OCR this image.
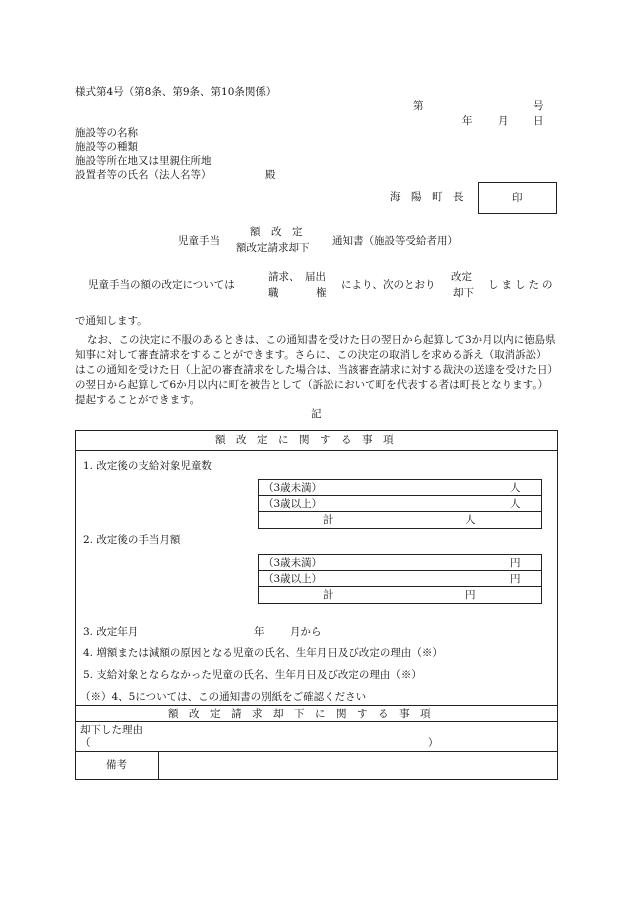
様式第4号（第8条、第9条、第10条関係）
第	号
年 月 日
施設等の名称
施設等の種類
施設等所在地又は里親住所地
設置者等の氏名（法人名等）	殿
海　陽　町　長	印
児童手当
額　改　定
額改定請求却下
通知書（施設等受給者用）
児童手当の額の改定については
請求、
職
届出
権
により、次のとおり
改定
却下
しましたの
で通知します。
なお、この決定に不服のあるときは、この通知書を受けた日の翌日から起算して3か月以内に徳島県知事に対して審査請求をすることができます。さらに、この決定の取消しを求める訴え（取消訴訟）はこの通知を受けた日（上記の審査請求をした場合は、当該審査請求に対する裁決の送達を受けた日）の翌日から起算して6か月以内に町を被告として（訴訟において町を代表する者は町長となります。）提起することができます。
記
額　改　定　に　関　す　る　事　項
1. 改定後の支給対象児童数
（3歳未満）	人
（3歳以上）	人
計	人
2. 改定後の手当月額
（3歳未満）	円
（3歳以上）	円
計	円
3. 改定年月	年 月から
4. 増額または減額の原因となる児童の氏名、生年月日及び改定の理由（※）
5. 支給対象とならなかった児童の氏名、生年月日及び改定の理由（※）
（※）4、5については、この通知書の別紙をご確認ください
額　改　定　請　求　却　下　に　関　す　る　事　項
却下した理由
（	）
備考
